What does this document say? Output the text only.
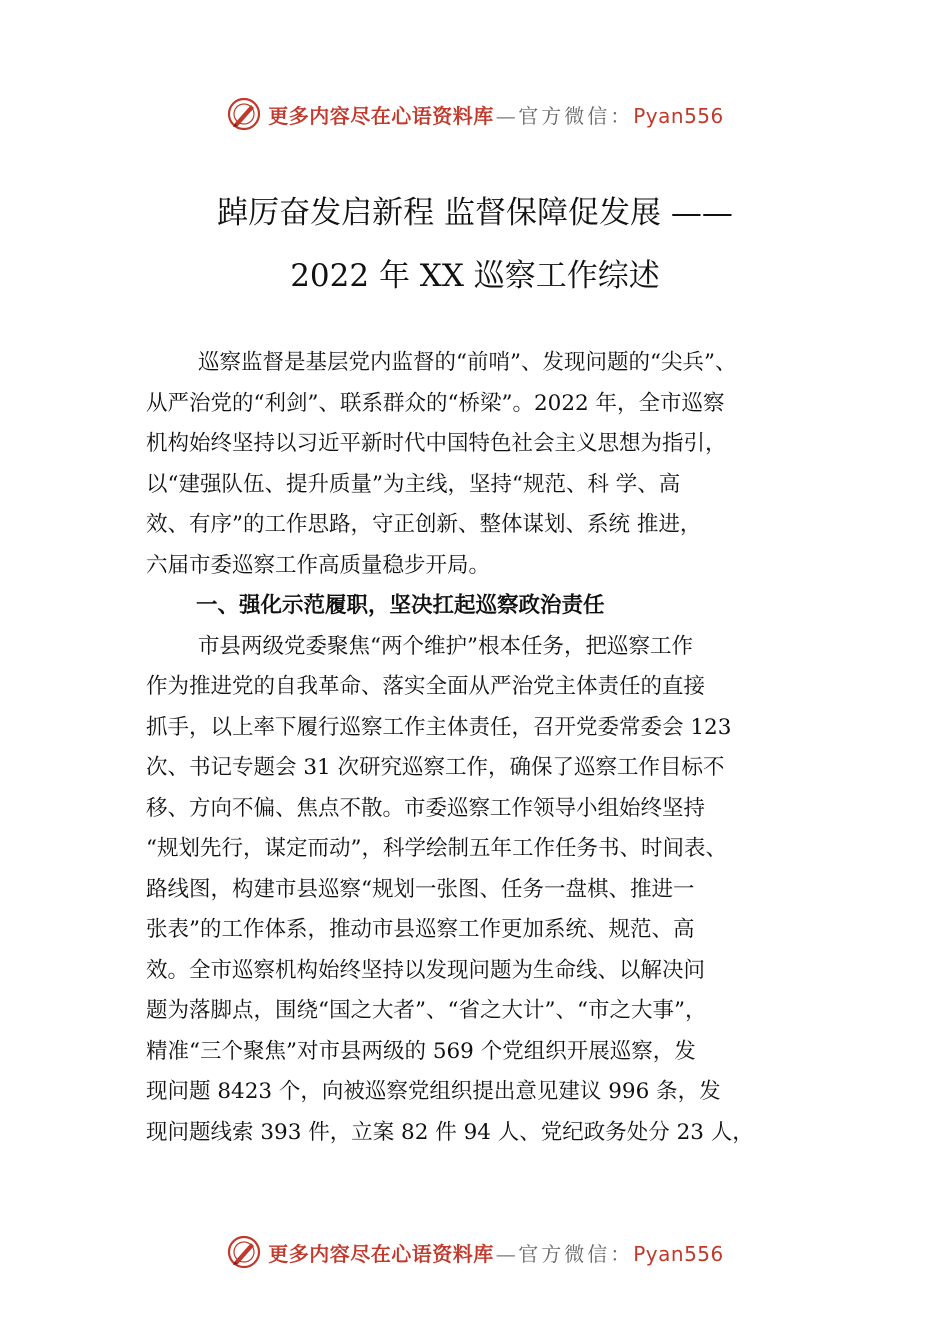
更多内容尽在心语资料库 — 官方微信：Pyan556
踔厉奋发启新程 监督保障促发展 ——
2022 年 XX 巡察工作综述
巡察监督是基层党内监督的“前哨”、发现问题的“尖兵”、
从严治党的“利剑”、联系群众的“桥梁”。2022 年，全市巡察
机构始终坚持以习近平新时代中国特色社会主义思想为指引，
以“建强队伍、提升质量”为主线，坚持“规范、科 学、高
效、有序”的工作思路，守正创新、整体谋划、系统 推进，
六届市委巡察工作高质量稳步开局。
一、强化示范履职，坚决扛起巡察政治责任
市县两级党委聚焦“两个维护”根本任务，把巡察工作
作为推进党的自我革命、落实全面从严治党主体责任的直接
抓手，以上率下履行巡察工作主体责任，召开党委常委会 123
次、书记专题会 31 次研究巡察工作，确保了巡察工作目标不
移、方向不偏、焦点不散。市委巡察工作领导小组始终坚持
“规划先行，谋定而动”，科学绘制五年工作任务书、时间表、
路线图，构建市县巡察“规划一张图、任务一盘棋、推进一
张表”的工作体系，推动市县巡察工作更加系统、规范、高
效。全市巡察机构始终坚持以发现问题为生命线、以解决问
题为落脚点，围绕“国之大者”、“省之大计”、“市之大事”，
精准“三个聚焦”对市县两级的 569 个党组织开展巡察，发
现问题 8423 个，向被巡察党组织提出意见建议 996 条，发
现问题线索 393 件，立案 82 件 94 人、党纪政务处分 23 人，
更多内容尽在心语资料库 — 官方微信：Pyan556
